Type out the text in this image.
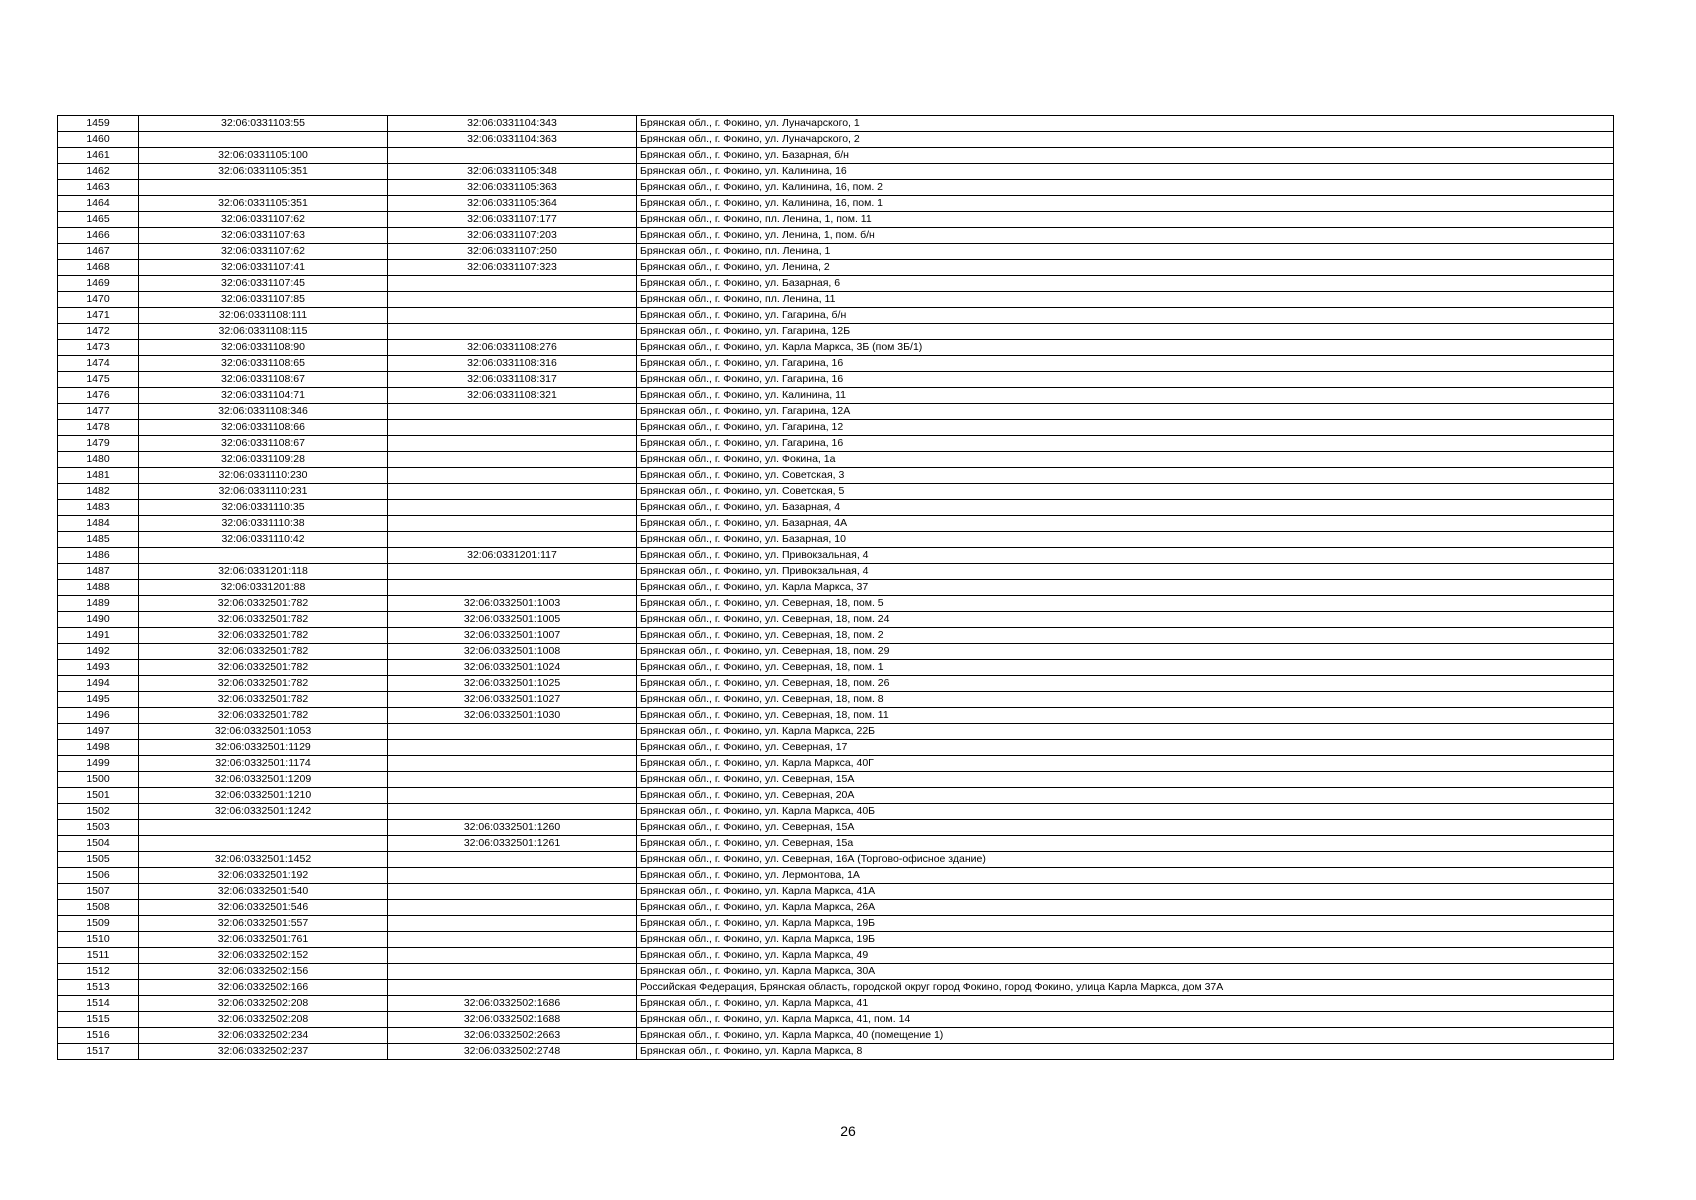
1459	32:06:0331103:55	32:06:0331104:343	Брянская обл., г. Фокино, ул. Луначарского, 1
1460		32:06:0331104:363	Брянская обл., г. Фокино, ул. Луначарского, 2
1461	32:06:0331105:100		Брянская обл., г. Фокино, ул. Базарная, б/н
1462	32:06:0331105:351	32:06:0331105:348	Брянская обл., г. Фокино, ул. Калинина, 16
1463		32:06:0331105:363	Брянская обл., г. Фокино, ул. Калинина, 16, пом. 2
1464	32:06:0331105:351	32:06:0331105:364	Брянская обл., г. Фокино, ул. Калинина, 16, пом. 1
1465	32:06:0331107:62	32:06:0331107:177	Брянская обл., г. Фокино, пл. Ленина, 1, пом. 11
1466	32:06:0331107:63	32:06:0331107:203	Брянская обл., г. Фокино, ул. Ленина, 1, пом. б/н
1467	32:06:0331107:62	32:06:0331107:250	Брянская обл., г. Фокино, пл. Ленина, 1
1468	32:06:0331107:41	32:06:0331107:323	Брянская обл., г. Фокино, ул. Ленина, 2
1469	32:06:0331107:45		Брянская обл., г. Фокино, ул. Базарная, 6
1470	32:06:0331107:85		Брянская обл., г. Фокино, пл. Ленина, 11
1471	32:06:0331108:111		Брянская обл., г. Фокино, ул. Гагарина, б/н
1472	32:06:0331108:115		Брянская обл., г. Фокино, ул. Гагарина, 12Б
1473	32:06:0331108:90	32:06:0331108:276	Брянская обл., г. Фокино, ул. Карла Маркса, 3Б (пом 3Б/1)
1474	32:06:0331108:65	32:06:0331108:316	Брянская обл., г. Фокино, ул. Гагарина, 16
1475	32:06:0331108:67	32:06:0331108:317	Брянская обл., г. Фокино, ул. Гагарина, 16
1476	32:06:0331104:71	32:06:0331108:321	Брянская обл., г. Фокино, ул. Калинина, 11
1477	32:06:0331108:346		Брянская обл., г. Фокино, ул. Гагарина, 12А
1478	32:06:0331108:66		Брянская обл., г. Фокино, ул. Гагарина, 12
1479	32:06:0331108:67		Брянская обл., г. Фокино, ул. Гагарина, 16
1480	32:06:0331109:28		Брянская обл., г. Фокино, ул. Фокина, 1а
1481	32:06:0331110:230		Брянская обл., г. Фокино, ул. Советская, 3
1482	32:06:0331110:231		Брянская обл., г. Фокино, ул. Советская, 5
1483	32:06:0331110:35		Брянская обл., г. Фокино, ул. Базарная, 4
1484	32:06:0331110:38		Брянская обл., г. Фокино, ул. Базарная, 4А
1485	32:06:0331110:42		Брянская обл., г. Фокино, ул. Базарная, 10
1486		32:06:0331201:117	Брянская обл., г. Фокино, ул. Привокзальная, 4
1487	32:06:0331201:118		Брянская обл., г. Фокино, ул. Привокзальная, 4
1488	32:06:0331201:88		Брянская обл., г. Фокино, ул. Карла Маркса, 37
1489	32:06:0332501:782	32:06:0332501:1003	Брянская обл., г. Фокино, ул. Северная, 18, пом. 5
1490	32:06:0332501:782	32:06:0332501:1005	Брянская обл., г. Фокино, ул. Северная, 18, пом. 24
1491	32:06:0332501:782	32:06:0332501:1007	Брянская обл., г. Фокино, ул. Северная, 18, пом. 2
1492	32:06:0332501:782	32:06:0332501:1008	Брянская обл., г. Фокино, ул. Северная, 18, пом. 29
1493	32:06:0332501:782	32:06:0332501:1024	Брянская обл., г. Фокино, ул. Северная, 18, пом. 1
1494	32:06:0332501:782	32:06:0332501:1025	Брянская обл., г. Фокино, ул. Северная, 18, пом. 26
1495	32:06:0332501:782	32:06:0332501:1027	Брянская обл., г. Фокино, ул. Северная, 18, пом. 8
1496	32:06:0332501:782	32:06:0332501:1030	Брянская обл., г. Фокино, ул. Северная, 18, пом. 11
1497	32:06:0332501:1053		Брянская обл., г. Фокино, ул. Карла Маркса, 22Б
1498	32:06:0332501:1129		Брянская обл., г. Фокино, ул. Северная, 17
1499	32:06:0332501:1174		Брянская обл., г. Фокино, ул. Карла Маркса, 40Г
1500	32:06:0332501:1209		Брянская обл., г. Фокино, ул. Северная, 15А
1501	32:06:0332501:1210		Брянская обл., г. Фокино, ул. Северная, 20А
1502	32:06:0332501:1242		Брянская обл., г. Фокино, ул. Карла Маркса, 40Б
1503		32:06:0332501:1260	Брянская обл., г. Фокино, ул. Северная, 15А
1504		32:06:0332501:1261	Брянская обл., г. Фокино, ул. Северная, 15а
1505	32:06:0332501:1452		Брянская обл., г. Фокино, ул. Северная, 16А (Торгово-офисное здание)
1506	32:06:0332501:192		Брянская обл., г. Фокино, ул. Лермонтова, 1А
1507	32:06:0332501:540		Брянская обл., г. Фокино, ул. Карла Маркса, 41А
1508	32:06:0332501:546		Брянская обл., г. Фокино, ул. Карла Маркса, 26А
1509	32:06:0332501:557		Брянская обл., г. Фокино, ул. Карла Маркса, 19Б
1510	32:06:0332501:761		Брянская обл., г. Фокино, ул. Карла Маркса, 19Б
1511	32:06:0332502:152		Брянская обл., г. Фокино, ул. Карла Маркса, 49
1512	32:06:0332502:156		Брянская обл., г. Фокино, ул. Карла Маркса, 30А
1513	32:06:0332502:166		Российская Федерация, Брянская область, городской округ город Фокино, город Фокино, улица Карла Маркса, дом 37А
1514	32:06:0332502:208	32:06:0332502:1686	Брянская обл., г. Фокино, ул. Карла Маркса, 41
1515	32:06:0332502:208	32:06:0332502:1688	Брянская обл., г. Фокино, ул. Карла Маркса, 41, пом. 14
1516	32:06:0332502:234	32:06:0332502:2663	Брянская обл., г. Фокино, ул. Карла Маркса, 40 (помещение 1)
1517	32:06:0332502:237	32:06:0332502:2748	Брянская обл., г. Фокино, ул. Карла Маркса, 8
26
